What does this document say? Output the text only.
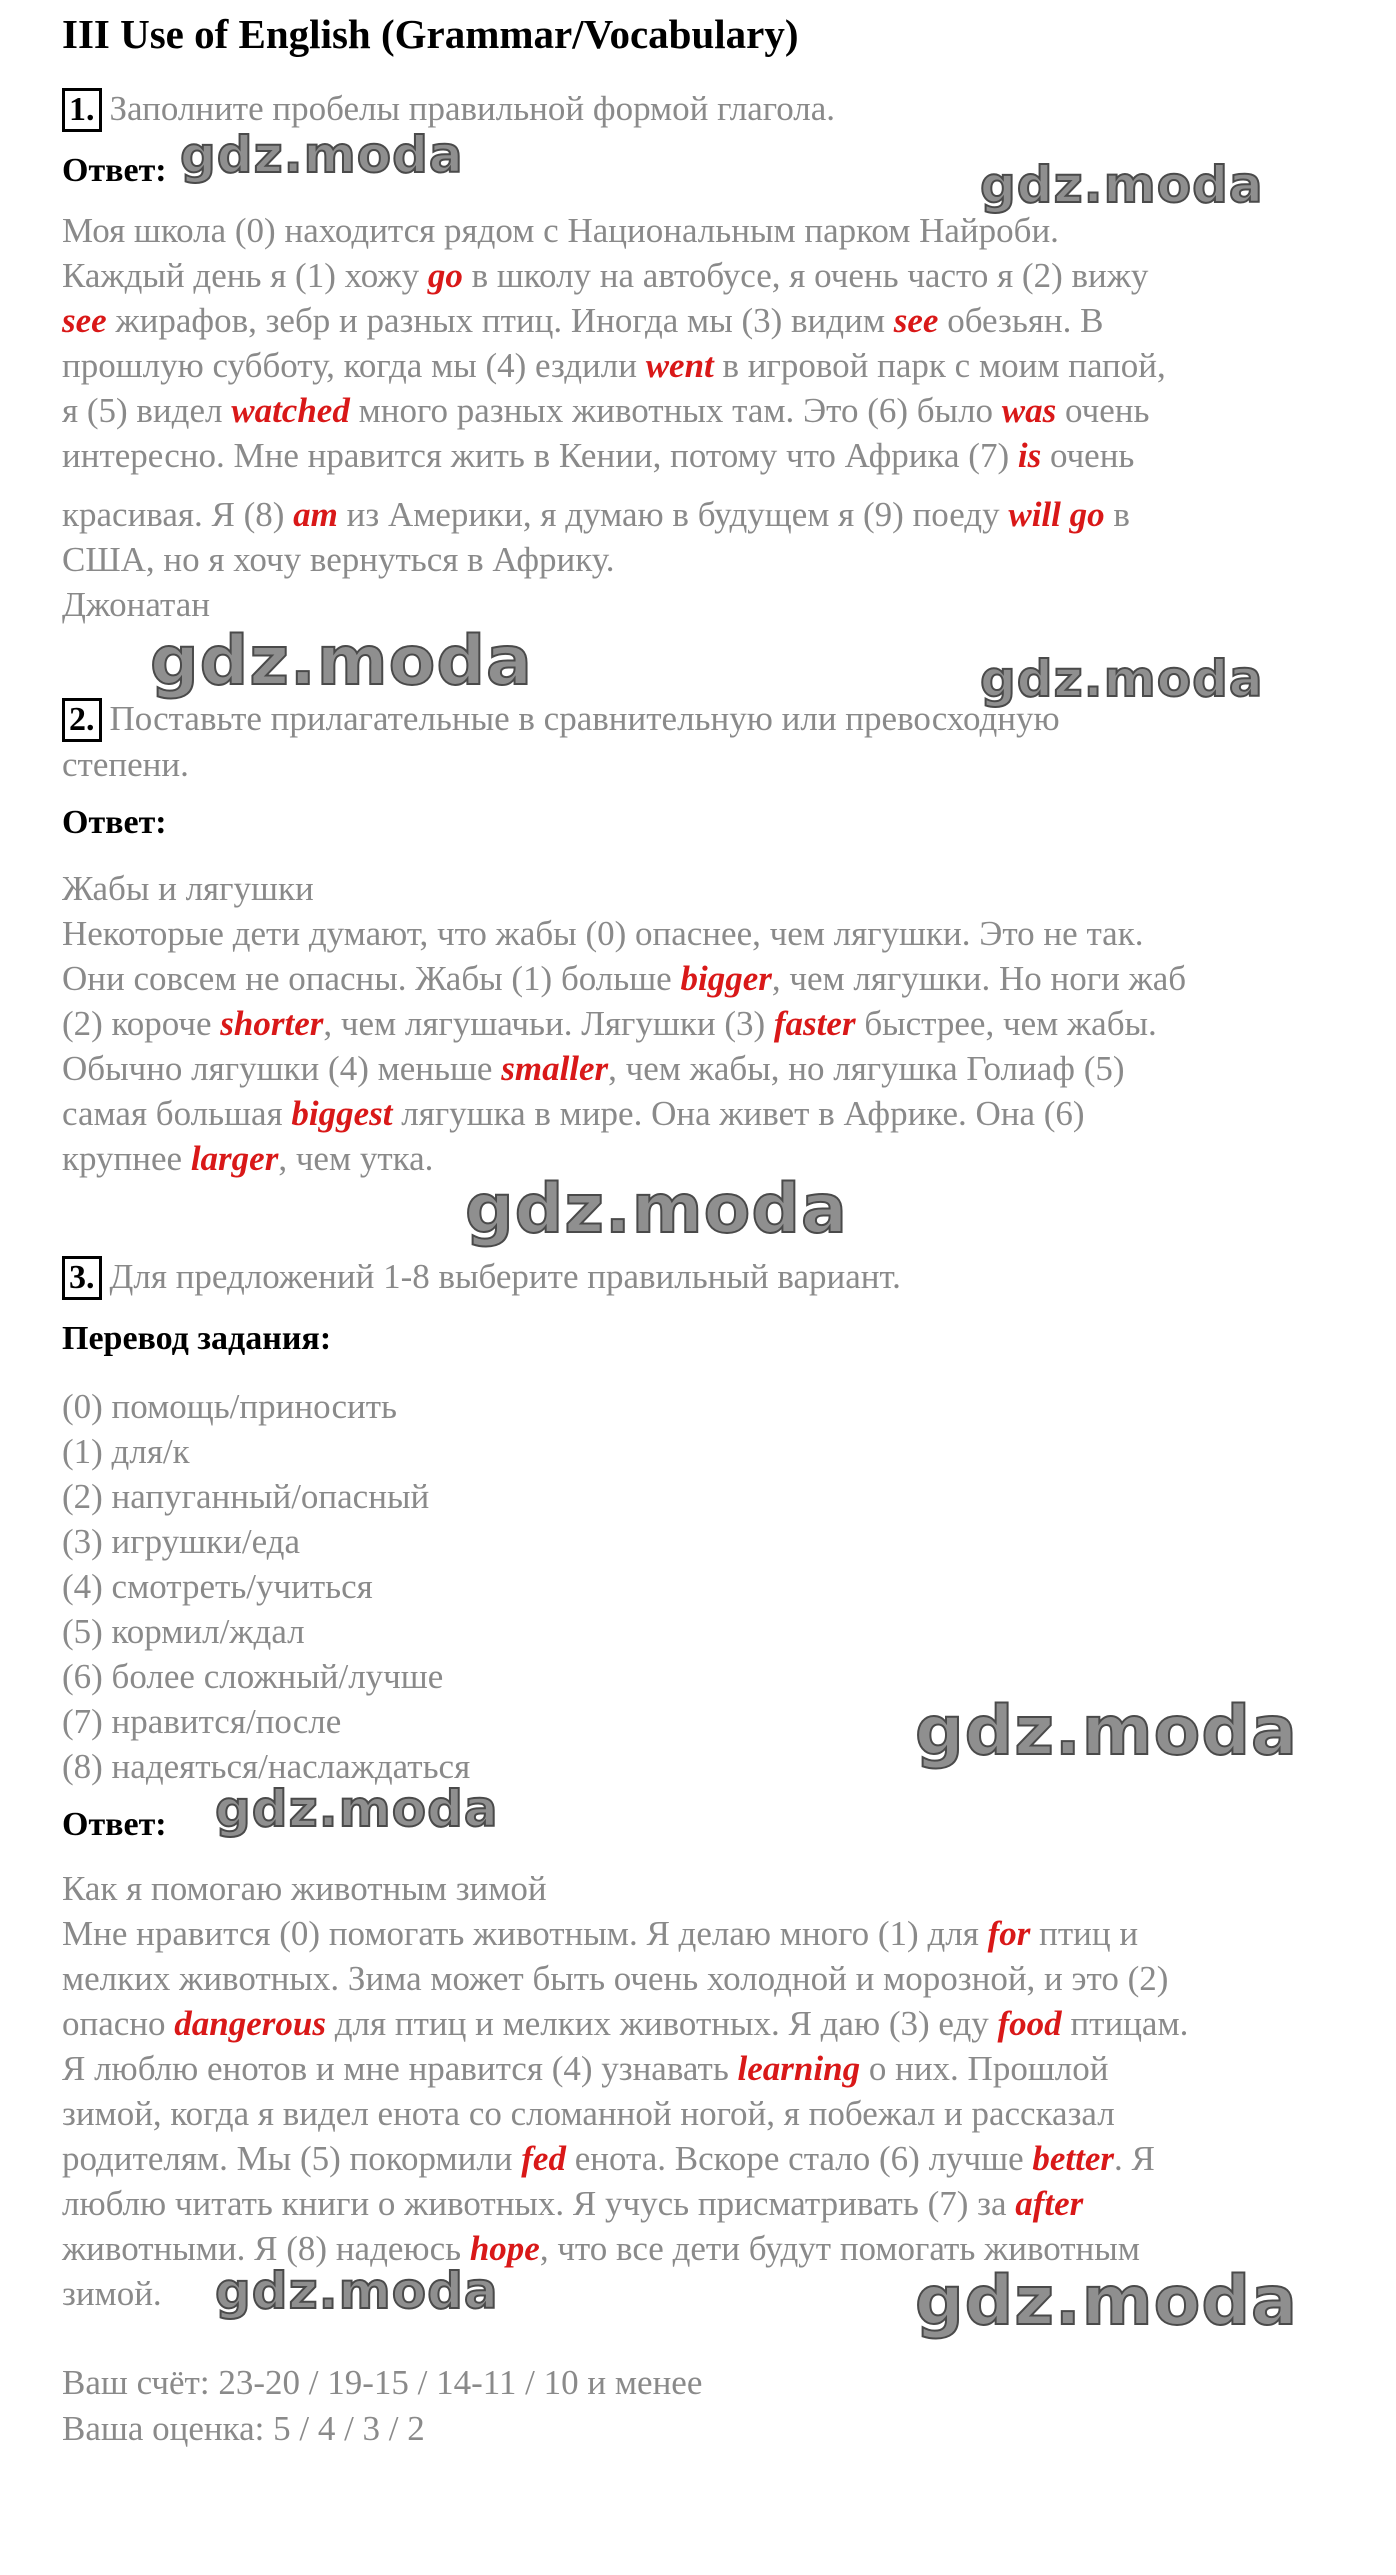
III Use of English (Grammar/Vocabulary)
1. Заполните пробелы правильной формой глагола.
Ответ:

Моя школа (0) находится рядом с Национальным парком Найроби.

Каждый день я (1) хожу go в школу на автобусе, я очень часто я (2) вижу

see жирафов, зебр и разных птиц. Иногда мы (3) видим see обезьян. В

прошлую субботу, когда мы (4) ездили went в игровой парк с моим папой,

я (5) видел watched много разных животных там. Это (6) было was очень

интересно. Мне нравится жить в Кении, потому что Африка (7) is очень

красивая. Я (8) am из Америки, я думаю в будущем я (9) поеду will go в

США, но я хочу вернуться в Африку.

Джонатан

2. Поставьте прилагательные в сравнительную или превосходную
степени.
Ответ:

Жабы и лягушки

Некоторые дети думают, что жабы (0) опаснее, чем лягушки. Это не так.

Они совсем не опасны. Жабы (1) больше bigger, чем лягушки. Но ноги жаб

(2) короче shorter, чем лягушачьи. Лягушки (3) faster быстрее, чем жабы.

Обычно лягушки (4) меньше smaller, чем жабы, но лягушка Голиаф (5)

самая большая biggest лягушка в мире. Она живет в Африке. Она (6)

крупнее larger, чем утка.

3. Для предложений 1-8 выберите правильный вариант.
Перевод задания:

(0) помощь/приносить

(1) для/к

(2) напуганный/опасный

(3) игрушки/еда

(4) смотреть/учиться

(5) кормил/ждал

(6) более сложный/лучше

(7) нравится/после

(8) надеяться/наслаждаться

Ответ:

Как я помогаю животным зимой

Мне нравится (0) помогать животным. Я делаю много (1) для for птиц и

мелких животных. Зима может быть очень холодной и морозной, и это (2)

опасно dangerous для птиц и мелких животных. Я даю (3) еду food птицам.

Я люблю енотов и мне нравится (4) узнавать learning о них. Прошлой

зимой, когда я видел енота со сломанной ногой, я побежал и рассказал

родителям. Мы (5) покормили fed енота. Вскоре стало (6) лучше better. Я

люблю читать книги о животных. Я учусь присматривать (7) за after

животными. Я (8) надеюсь hope, что все дети будут помогать животным

зимой.

Ваш счёт: 23-20 / 19-15 / 14-11 / 10 и менее
Ваша оценка: 5 / 4 / 3 / 2
gdz.moda
gdz.moda
gdz.moda	gdz.moda
gdz.moda
gdz.moda
gdz.moda
gdz.moda	gdz.moda
